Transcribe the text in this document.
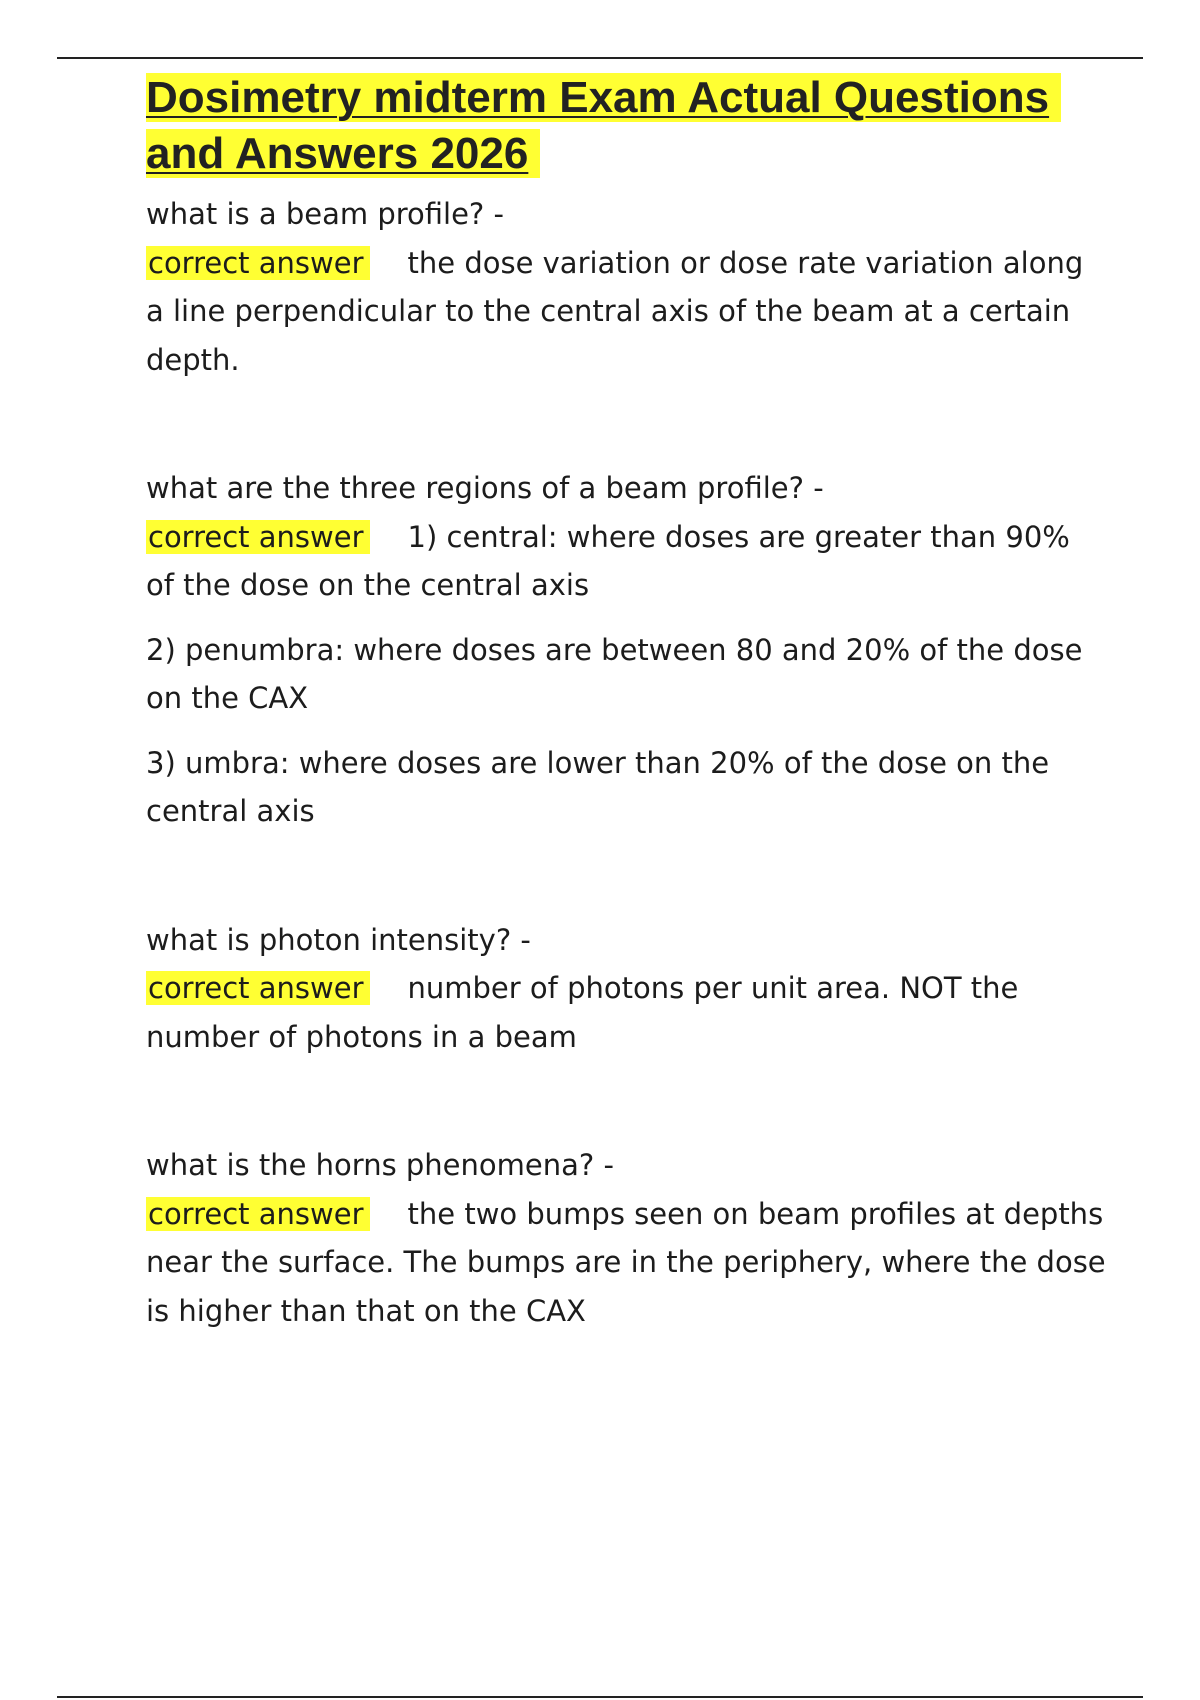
Dosimetry midterm Exam Actual Questions and Answers 2026

what is a beam profile? -

correct answer the dose variation or dose rate variation along a line perpendicular to the central axis of the beam at a certain depth.

what are the three regions of a beam profile? -

correct answer 1) central: where doses are greater than 90% of the dose on the central axis

2) penumbra: where doses are between 80 and 20% of the dose on the CAX

3) umbra: where doses are lower than 20% of the dose on the central axis

what is photon intensity? -

correct answer number of photons per unit area. NOT the number of photons in a beam

what is the horns phenomena? -

correct answer the two bumps seen on beam profiles at depths near the surface. The bumps are in the periphery, where the dose is higher than that on the CAX
